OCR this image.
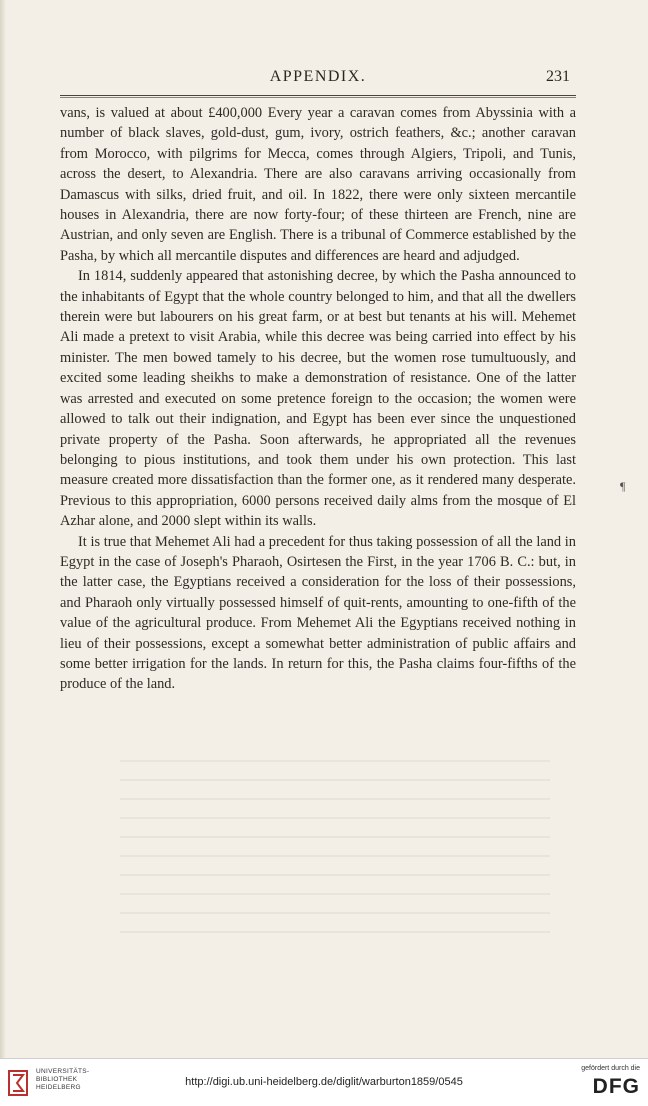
APPENDIX.	231

vans, is valued at about £400,000 Every year a caravan comes from Abyssinia with a number of black slaves, gold-dust, gum, ivory, ostrich feathers, &c.; another caravan from Morocco, with pilgrims for Mecca, comes through Algiers, Tripoli, and Tunis, across the desert, to Alexandria. There are also caravans arriving occasionally from Damascus with silks, dried fruit, and oil. In 1822, there were only sixteen mercantile houses in Alexandria, there are now forty-four; of these thirteen are French, nine are Austrian, and only seven are English. There is a tribunal of Commerce established by the Pasha, by which all mercantile disputes and differences are heard and adjudged.

In 1814, suddenly appeared that astonishing decree, by which the Pasha announced to the inhabitants of Egypt that the whole country belonged to him, and that all the dwellers therein were but labourers on his great farm, or at best but tenants at his will. Mehemet Ali made a pretext to visit Arabia, while this decree was being carried into effect by his minister. The men bowed tamely to his decree, but the women rose tumultuously, and excited some leading sheikhs to make a demonstration of resistance. One of the latter was arrested and executed on some pretence foreign to the occasion; the women were allowed to talk out their indignation, and Egypt has been ever since the unquestioned private property of the Pasha. Soon afterwards, he appropriated all the revenues belonging to pious institutions, and took them under his own protection. This last measure created more dissatisfaction than the former one, as it rendered many desperate. Previous to this appropriation, 6000 persons received daily alms from the mosque of El Azhar alone, and 2000 slept within its walls.

It is true that Mehemet Ali had a precedent for thus taking possession of all the land in Egypt in the case of Joseph's Pharaoh, Osirtesen the First, in the year 1706 B. C.: but, in the latter case, the Egyptians received a consideration for the loss of their possessions, and Pharaoh only virtually possessed himself of quit-rents, amounting to one-fifth of the value of the agricultural produce. From Mehemet Ali the Egyptians received nothing in lieu of their possessions, except a somewhat better administration of public affairs and some better irrigation for the lands. In return for this, the Pasha claims four-fifths of the produce of the land.

¶
UNIVERSITÄTS-
BIBLIOTHEK
HEIDELBERG	http://digi.ub.uni-heidelberg.de/diglit/warburton1859/0545
gefördert durch die
DFG
